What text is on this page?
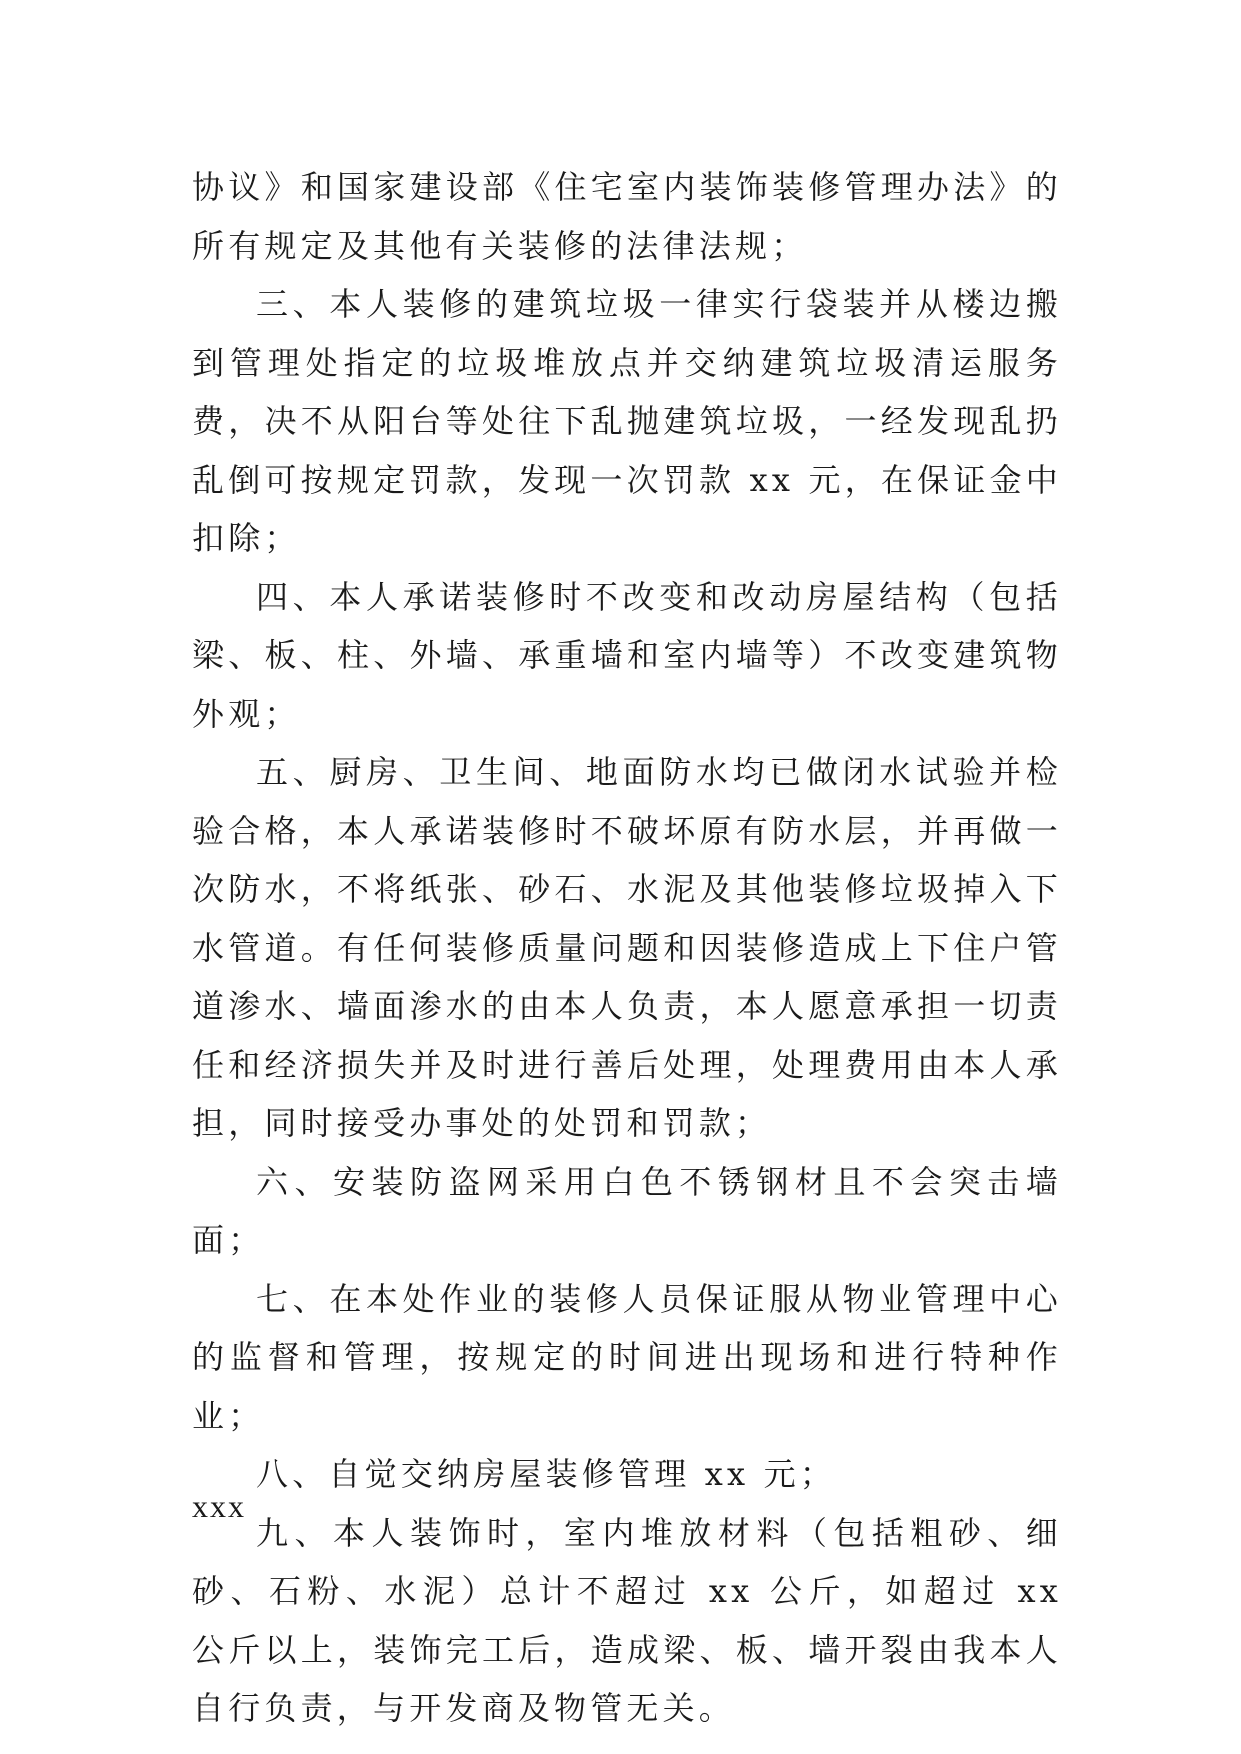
协议》和国家建设部《住宅室内装饰装修管理办法》的所有规定及其他有关装修的法律法规；

三、本人装修的建筑垃圾一律实行袋装并从楼边搬到管理处指定的垃圾堆放点并交纳建筑垃圾清运服务费，决不从阳台等处往下乱抛建筑垃圾，一经发现乱扔乱倒可按规定罚款，发现一次罚款 xx 元，在保证金中扣除；

四、本人承诺装修时不改变和改动房屋结构（包括梁、板、柱、外墙、承重墙和室内墙等）不改变建筑物外观；

五、厨房、卫生间、地面防水均已做闭水试验并检验合格，本人承诺装修时不破坏原有防水层，并再做一次防水，不将纸张、砂石、水泥及其他装修垃圾掉入下水管道。有任何装修质量问题和因装修造成上下住户管道渗水、墙面渗水的由本人负责，本人愿意承担一切责任和经济损失并及时进行善后处理，处理费用由本人承担，同时接受办事处的处罚和罚款；

六、安装防盗网采用白色不锈钢材且不会突击墙面；

七、在本处作业的装修人员保证服从物业管理中心的监督和管理，按规定的时间进出现场和进行特种作业；

八、自觉交纳房屋装修管理 xx 元；

九、本人装饰时，室内堆放材料（包括粗砂、细砂、石粉、水泥）总计不超过 xx 公斤，如超过 xx 公斤以上，装饰完工后，造成梁、板、墙开裂由我本人自行负责，与开发商及物管无关。

xxx
